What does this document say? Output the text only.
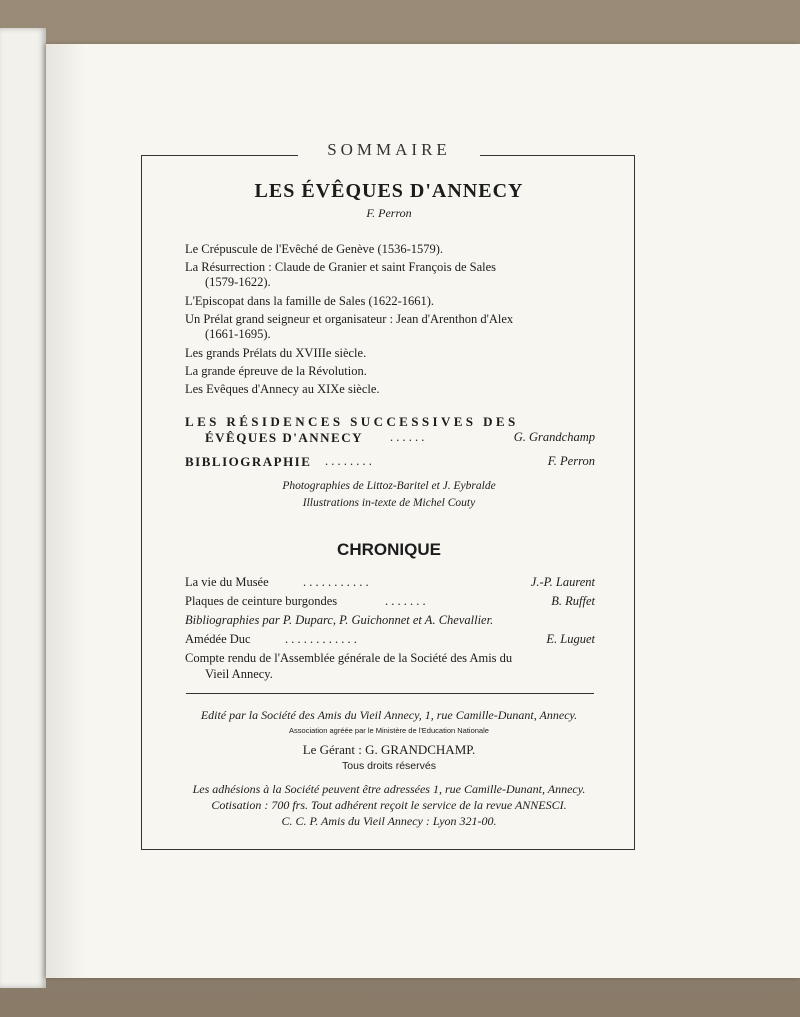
SOMMAIRE
LES ÉVÊQUES D'ANNECY
F. Perron
Le Crépuscule de l'Evêché de Genève (1536-1579).
La Résurrection : Claude de Granier et saint François de Sales
(1579-1622).
L'Episcopat dans la famille de Sales (1622-1661).
Un Prélat grand seigneur et organisateur : Jean d'Arenthon d'Alex
(1661-1695).
Les grands Prélats du XVIIIe siècle.
La grande épreuve de la Révolution.
Les Evêques d'Annecy au XIXe siècle.
LES RÉSIDENCES SUCCESSIVES DES
ÉVÊQUES D'ANNECY . . . . . .	G. Grandchamp
BIBLIOGRAPHIE . . . . . . . .	F. Perron
Photographies de Littoz-Baritel et J. Eybralde
Illustrations in-texte de Michel Couty
CHRONIQUE
La vie du Musée	. . . . . . . . . . .	J.-P. Laurent
Plaques de ceinture burgondes	. . . . . . .	B. Ruffet
Bibliographies par P. Duparc, P. Guichonnet et A. Chevallier.
Amédée Duc	. . . . . . . . . . . .	E. Luguet
Compte rendu de l'Assemblée générale de la Société des Amis du
Vieil Annecy.
Edité par la Société des Amis du Vieil Annecy, 1, rue Camille-Dunant, Annecy.
Association agréée par le Ministère de l'Education Nationale
Le Gérant : G. GRANDCHAMP.
Tous droits réservés
Les adhésions à la Société peuvent être adressées 1, rue Camille-Dunant, Annecy.
Cotisation : 700 frs. Tout adhérent reçoit le service de la revue ANNESCI.
C. C. P. Amis du Vieil Annecy : Lyon 321-00.
